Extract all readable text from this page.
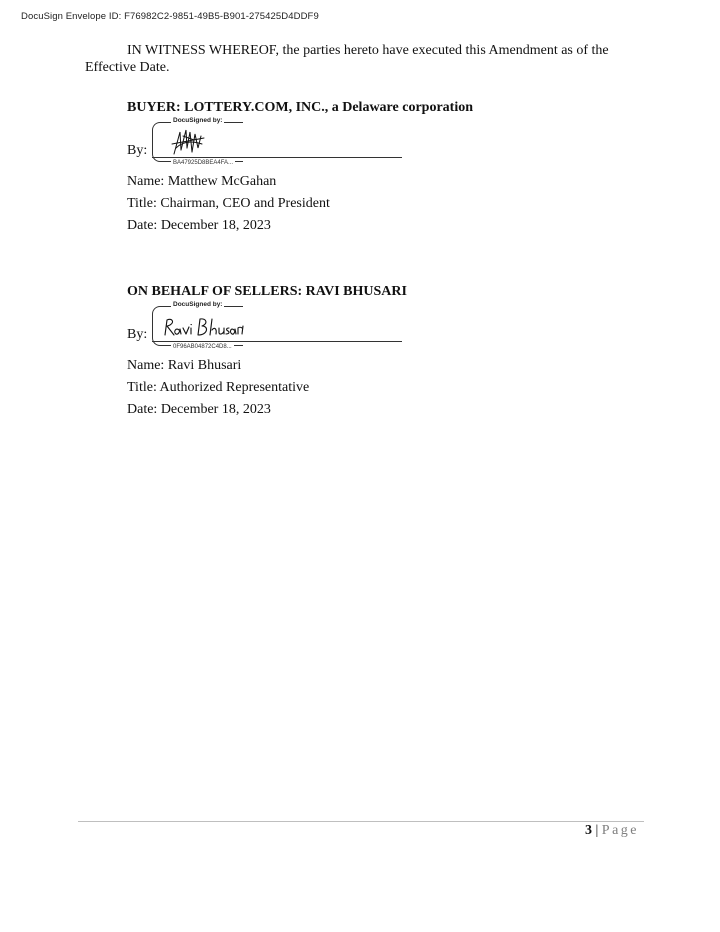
DocuSign Envelope ID: F76982C2-9851-49B5-B901-275425D4DDF9
IN WITNESS WHEREOF, the parties hereto have executed this Amendment as of the Effective Date.
BUYER: LOTTERY.COM, INC., a Delaware corporation
DocuSigned by:
BA47925D8BEA4FA...
By:
Name: Matthew McGahan
Title: Chairman, CEO and President
Date: December 18, 2023
ON BEHALF OF SELLERS: RAVI BHUSARI
DocuSigned by:
0F96AB04872C4D8...
By:
Name: Ravi Bhusari
Title: Authorized Representative
Date: December 18, 2023
3 | Page
